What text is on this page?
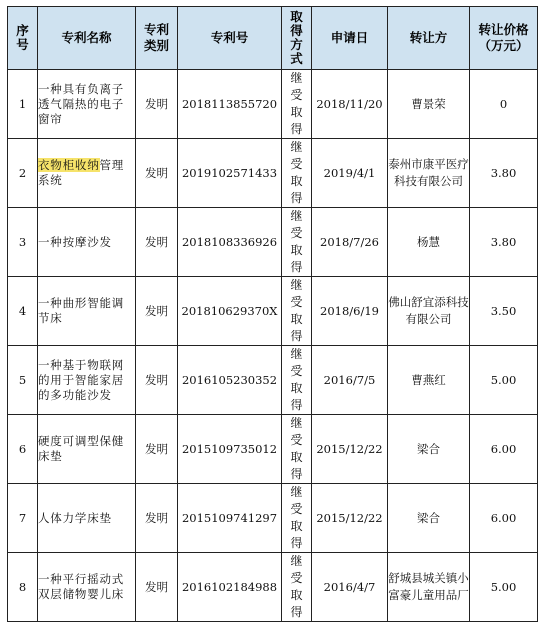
序号	专利名称	专利类别	专利号	取得方式	申请日	转让方	转让价格（万元）

1	一种具有负离子透气隔热的电子窗帘	发明	2018113855720	继受取得	2018/11/20	曹景荣	0
2	衣物柜收纳管理系统	发明	2019102571433	继受取得	2019/4/1	泰州市康平医疗科技有限公司	3.80
3	一种按摩沙发	发明	2018108336926	继受取得	2018/7/26	杨慧	3.80
4	一种曲形智能调节床	发明	201810629370X	继受取得	2018/6/19	佛山舒宜添科技有限公司	3.50
5	一种基于物联网的用于智能家居的多功能沙发	发明	2016105230352	继受取得	2016/7/5	曹燕红	5.00
6	硬度可调型保健床垫	发明	2015109735012	继受取得	2015/12/22	梁合	6.00
7	人体力学床垫	发明	2015109741297	继受取得	2015/12/22	梁合	6.00
8	一种平行摇动式双层储物婴儿床	发明	2016102184988	继受取得	2016/4/7	舒城县城关镇小富豪儿童用品厂	5.00
